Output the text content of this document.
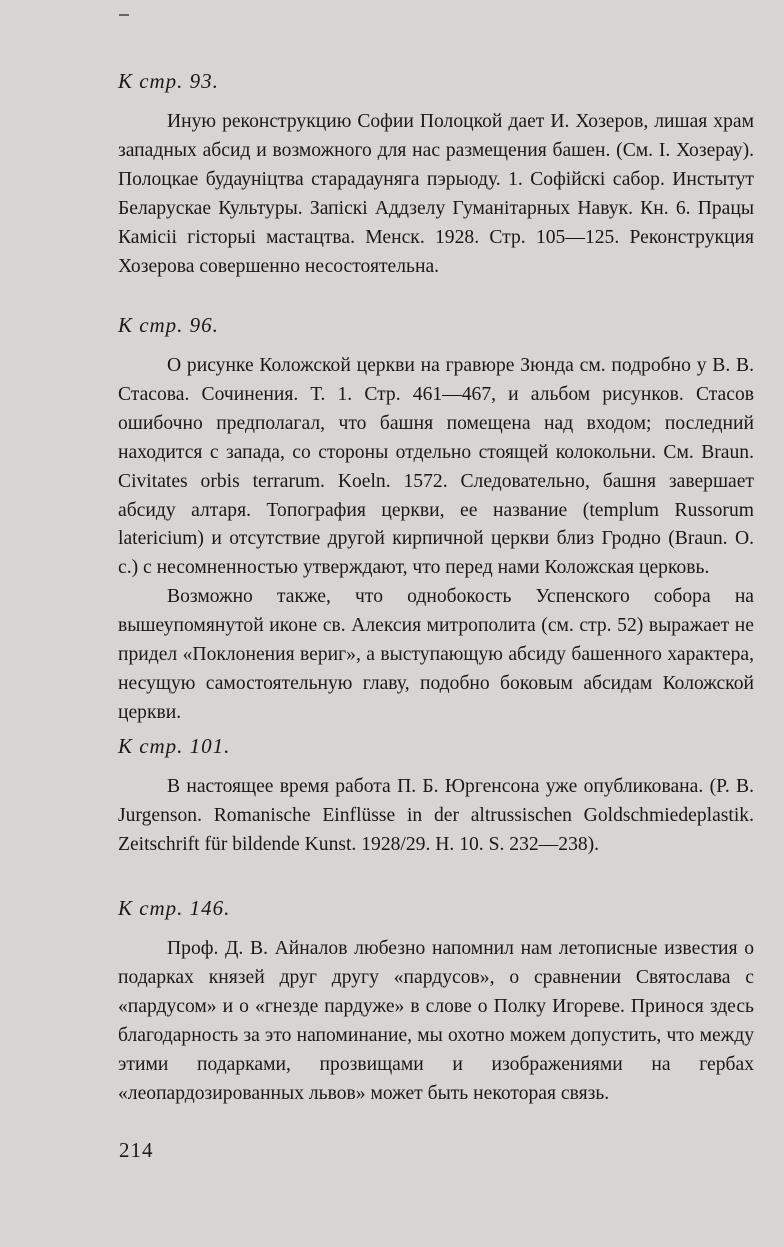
К стр. 93.

Иную реконструкцию Софии Полоцкой дает И. Хозеров, лишая храм западных абсид и возможного для нас размещения башен. (См. І. Хозерау). Полоцкае будауніцтва старадауняга пэрыоду. 1. Софійскі сабор. Инстытут Беларускае Культуры. Запіскі Аддзелу Гуманітарных Навук. Кн. 6. Працы Камісіі гісторыі мастацтва. Менск. 1928. Стр. 105—125. Реконструкция Хозерова совершенно несостоятельна.

К стр. 96.

О рисунке Коложской церкви на гравюре Зюнда см. подробно у В. В. Стасова. Сочинения. Т. 1. Стр. 461—467, и альбом рисунков. Стасов ошибочно предполагал, что башня помещена над входом; последний находится с запада, со стороны отдельно стоящей колокольни. См. Braun. Civitates orbis terrarum. Koeln. 1572. Следовательно, башня завершает абсиду алтаря. Топография церкви, ее название (templum Russorum latericium) и отсутствие другой кирпичной церкви близ Гродно (Braun. О. с.) с несомненностью утверждают, что перед нами Коложская церковь.

Возможно также, что однобокость Успенского собора на вышеупомянутой иконе св. Алексия митрополита (см. стр. 52) выражает не придел «Поклонения вериг», а выступающую абсиду башенного характера, несущую самостоятельную главу, подобно боковым абсидам Коложской церкви.

К стр. 101.

В настоящее время работа П. Б. Юргенсона уже опубликована. (P. B. Jurgenson. Romanische Einflüsse in der altrussischen Goldschmiedeplastik. Zeitschrift für bildende Kunst. 1928/29. H. 10. S. 232—238).

К стр. 146.

Проф. Д. В. Айналов любезно напомнил нам летописные известия о подарках князей друг другу «пардусов», о сравнении Святослава с «пардусом» и о «гнезде пардуже» в слове о Полку Игореве. Принося здесь благодарность за это напоминание, мы охотно можем допустить, что между этими подарками, прозвищами и изображениями на гербах «леопардозированных львов» может быть некоторая связь.

214
